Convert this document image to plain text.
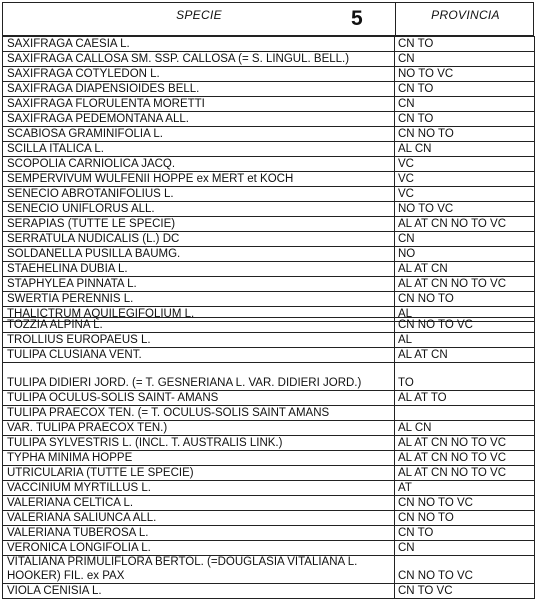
SPECIE	5	PROVINCIA
SAXIFRAGA CAESIA L.	CN TO
SAXIFRAGA CALLOSA SM. SSP. CALLOSA (= S. LINGUL. BELL.)	CN
SAXIFRAGA COTYLEDON L.	NO TO VC
SAXIFRAGA DIAPENSIOIDES BELL.	CN TO
SAXIFRAGA FLORULENTA MORETTI	CN
SAXIFRAGA PEDEMONTANA ALL.	CN TO
SCABIOSA GRAMINIFOLIA L.	CN NO TO
SCILLA ITALICA L.	AL CN
SCOPOLIA CARNIOLICA JACQ.	VC
SEMPERVIVUM WULFENII HOPPE ex MERT et KOCH	VC
SENECIO ABROTANIFOLIUS L.	VC
SENECIO UNIFLORUS ALL.	NO TO VC
SERAPIAS (TUTTE LE SPECIE)	AL AT CN NO TO VC
SERRATULA NUDICALIS (L.) DC	CN
SOLDANELLA PUSILLA BAUMG.	NO
STAEHELINA DUBIA L.	AL AT CN
STAPHYLEA PINNATA L.	AL AT CN NO TO VC
SWERTIA PERENNIS L.	CN NO TO
THALICTRUM AQUILEGIFOLIUM L.	AL
TOZZIA ALPINA L.	CN NO TO VC
TROLLIUS EUROPAEUS L.	AL
TULIPA CLUSIANA VENT.	AL AT CN
TULIPA DIDIERI JORD. (= T. GESNERIANA L. VAR. DIDIERI JORD.)	TO
TULIPA OCULUS-SOLIS SAINT- AMANS	AL AT TO
TULIPA PRAECOX TEN. (= T. OCULUS-SOLIS SAINT AMANS	
VAR. TULIPA PRAECOX TEN.)	AL CN
TULIPA SYLVESTRIS L. (INCL. T. AUSTRALIS LINK.)	AL AT CN NO TO VC
TYPHA MINIMA HOPPE	AL AT CN NO TO VC
UTRICULARIA (TUTTE LE SPECIE)	AL AT CN NO TO VC
VACCINIUM MYRTILLUS L.	AT
VALERIANA CELTICA L.	CN NO TO VC
VALERIANA SALIUNCA ALL.	CN NO TO
VALERIANA TUBEROSA L.	CN TO
VERONICA LONGIFOLIA L.	CN
VITALIANA PRIMULIFLORA BERTOL. (=DOUGLASIA VITALIANA L. HOOKER) FIL. ex PAX	CN NO TO VC
VIOLA CENISIA L.	CN TO VC
